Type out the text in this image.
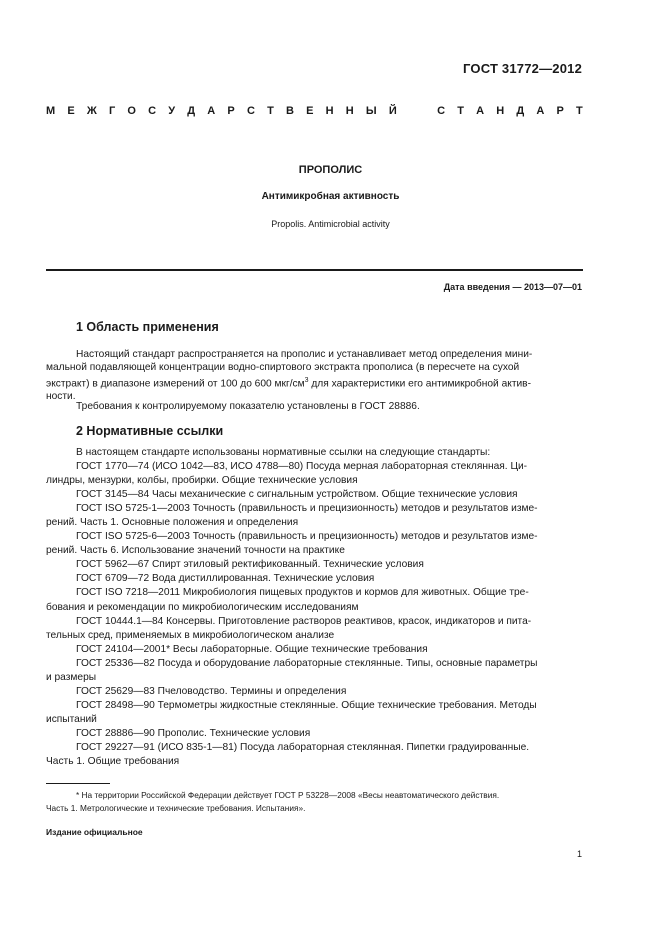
ГОСТ 31772—2012
М Е Ж Г О С У Д А Р С Т В Е Н Н Ы Й	С Т А Н Д А Р Т
ПРОПОЛИС
Антимикробная активность
Propolis. Antimicrobial activity
Дата введения — 2013—07—01
1 Область применения
Настоящий стандарт распространяется на прополис и устанавливает метод определения мини-
мальной подавляющей концентрации водно-спиртового экстракта прополиса (в пересчете на сухой
экстракт) в диапазоне измерений от 100 до 600 мкг/$см^3$ для характеристики его антимикробной актив-
ности.
Требования к контролируемому показателю установлены в ГОСТ 28886.
2 Нормативные ссылки
В настоящем стандарте использованы нормативные ссылки на следующие стандарты:
ГОСТ 1770—74 (ИСО 1042—83, ИСО 4788—80) Посуда мерная лабораторная стеклянная. Ци-
линдры, мензурки, колбы, пробирки. Общие технические условия
ГОСТ 3145—84 Часы механические с сигнальным устройством. Общие технические условия
ГОСТ ISO 5725-1—2003 Точность (правильность и прецизионность) методов и результатов изме-
рений. Часть 1. Основные положения и определения
ГОСТ ISO 5725-6—2003 Точность (правильность и прецизионность) методов и результатов изме-
рений. Часть 6. Использование значений точности на практике
ГОСТ 5962—67 Спирт этиловый ректификованный. Технические условия
ГОСТ 6709—72 Вода дистиллированная. Технические условия
ГОСТ ISO 7218—2011 Микробиология пищевых продуктов и кормов для животных. Общие тре-
бования и рекомендации по микробиологическим исследованиям
ГОСТ 10444.1—84 Консервы. Приготовление растворов реактивов, красок, индикаторов и пита-
тельных сред, применяемых в микробиологическом анализе
ГОСТ 24104—2001* Весы лабораторные. Общие технические требования
ГОСТ 25336—82 Посуда и оборудование лабораторные стеклянные. Типы, основные параметры
и размеры
ГОСТ 25629—83 Пчеловодство. Термины и определения
ГОСТ 28498—90 Термометры жидкостные стеклянные. Общие технические требования. Методы
испытаний
ГОСТ 28886—90 Прополис. Технические условия
ГОСТ 29227—91 (ИСО 835-1—81) Посуда лабораторная стеклянная. Пипетки градуированные.
Часть 1. Общие требования
* На территории Российской Федерации действует ГОСТ Р 53228—2008 «Весы неавтоматического действия.
Часть 1. Метрологические и технические требования. Испытания».
Издание официальное
1
